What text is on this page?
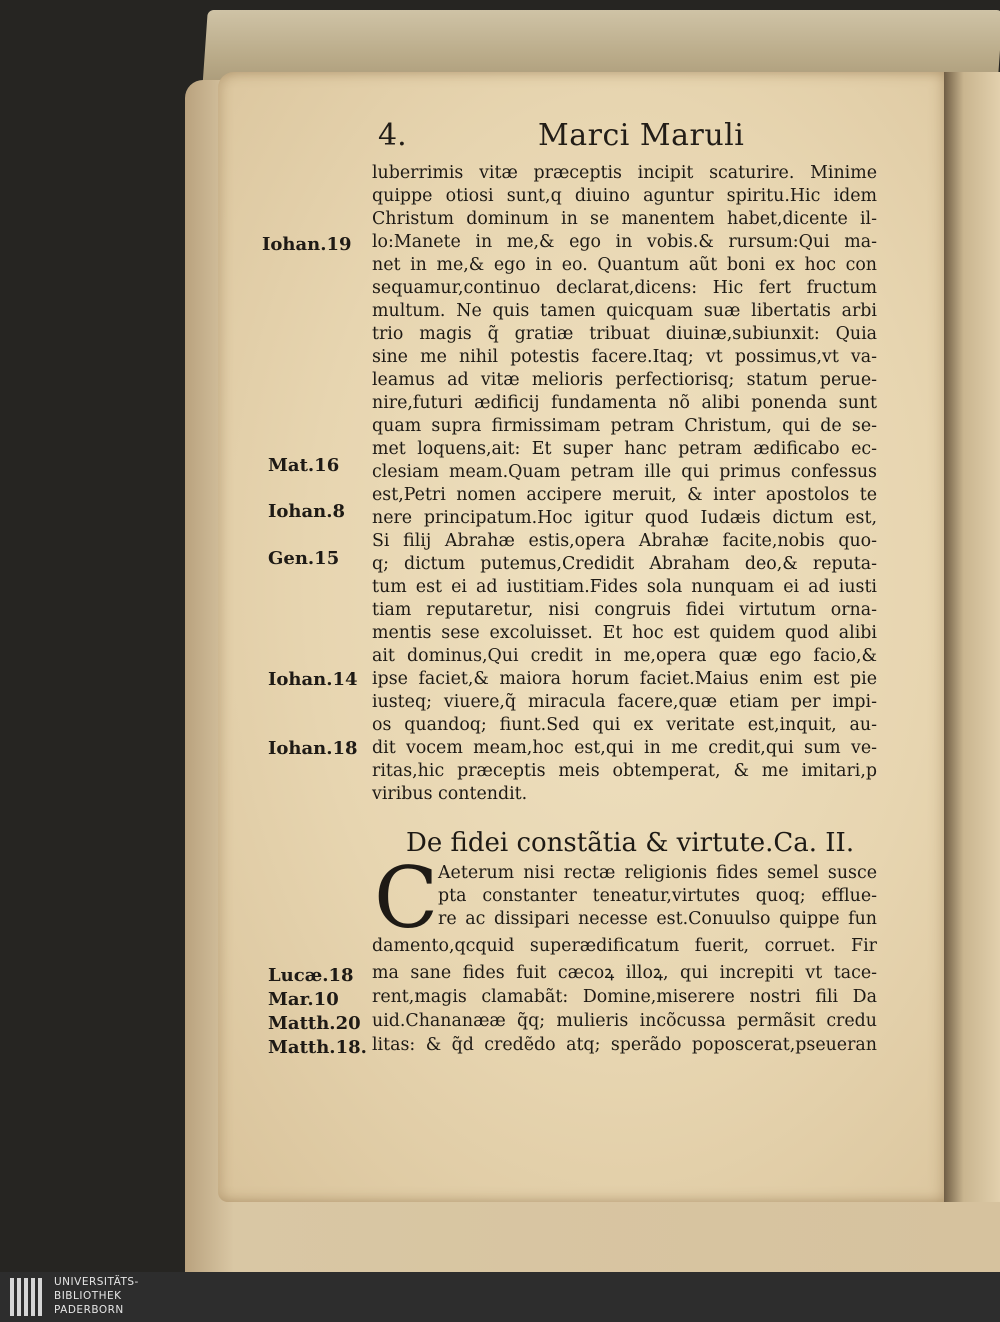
4.	Marci Maruli
luberrimis vitæ præceptis incipit scaturire. Minime
quippe otiosi sunt,q diuino aguntur spiritu.Hic idem
Christum dominum in se manentem habet,dicente il-
lo:Manete in me,& ego in vobis.& rursum:Qui ma-
net in me,& ego in eo. Quantum aũt boni ex hoc con
sequamur,continuo declarat,dicens: Hic fert fructum
multum. Ne quis tamen quicquam suæ libertatis arbi
trio magis q̃ gratiæ tribuat diuinæ,subiunxit: Quia
sine me nihil potestis facere.Itaq; vt possimus,vt va-
leamus ad vitæ melioris perfectiorisq; statum perue-
nire,futuri ædificij fundamenta nõ alibi ponenda sunt
quam supra firmissimam petram Christum, qui de se-
met loquens,ait: Et super hanc petram ædificabo ec-
clesiam meam.Quam petram ille qui primus confessus
est,Petri nomen accipere meruit, & inter apostolos te
nere principatum.Hoc igitur quod Iudæis dictum est,
Si filij Abrahæ estis,opera Abrahæ facite,nobis quo-
q; dictum putemus,Credidit Abraham deo,& reputa-
tum est ei ad iustitiam.Fides sola nunquam ei ad iusti
tiam reputaretur, nisi congruis fidei virtutum orna-
mentis sese excoluisset. Et hoc est quidem quod alibi
ait dominus,Qui credit in me,opera quæ ego facio,&
ipse faciet,& maiora horum faciet.Maius enim est pie
iusteq; viuere,q̃ miracula facere,quæ etiam per impi-
os quandoq; fiunt.Sed qui ex veritate est,inquit, au-
dit vocem meam,hoc est,qui in me credit,qui sum ve-
ritas,hic præceptis meis obtemperat, & me imitari,p
viribus contendit.
De fidei constãtia & virtute.Ca. II.
C Aeterum nisi rectæ religionis fides semel susce
pta constanter teneatur,virtutes quoq; efflue-
re ac dissipari necesse est.Conuulso quippe fun
damento,qcquid superædificatum fuerit, corruet. Fir
ma sane fides fuit cæcoꝝ illoꝝ, qui increpiti vt tace-
rent,magis clamabãt: Domine,miserere nostri fili Da
uid.Chananææ q̃q; mulieris incõcussa permãsit credu
litas: & q̃d credẽdo atq; sperãdo poposcerat,pseueran
Iohan.19
Mat.16
Iohan.8
Gen.15
Iohan.14
Iohan.18
Lucæ.18
Mar.10
Matth.20
Matth.18.
UNIVERSITÄTS-
BIBLIOTHEK
PADERBORN
